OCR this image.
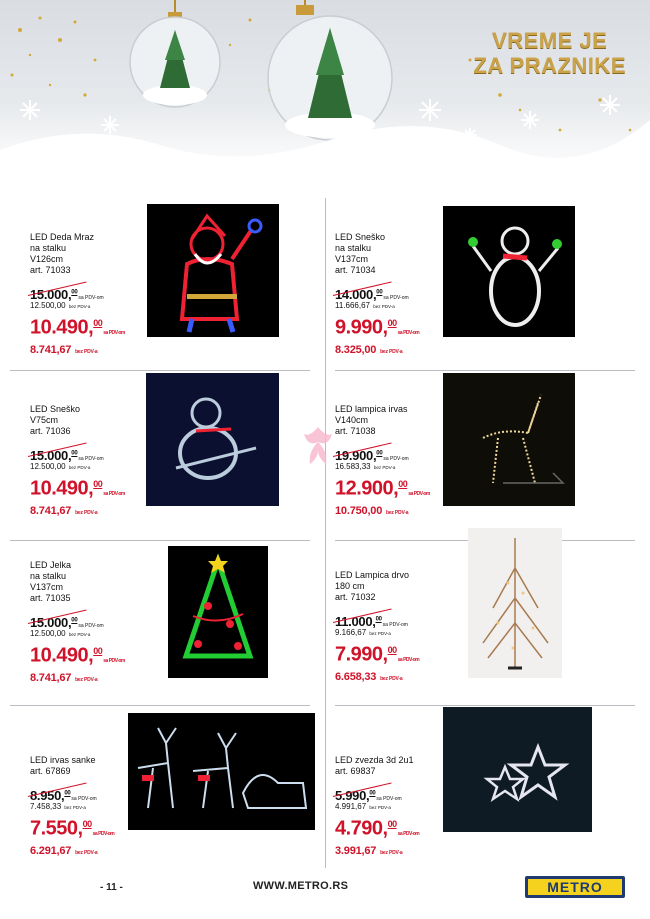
VREME JE
ZA PRAZNIKE
LED Deda Mraz
na stalku
V126cm
art. 71033
15.000,00sa PDV-om
12.500,00 bez PDV-a
10.490,00sa PDV-om
8.741,67 bez PDV-a
LED Sneško
na stalku
V137cm
art. 71034
14.000,00sa PDV-om
11.666,67 bez PDV-a
9.990,00sa PDV-om
8.325,00 bez PDV-a
LED Sneško
V75cm
art. 71036
15.000,00sa PDV-om
12.500,00 bez PDV-a
10.490,00sa PDV-om
8.741,67 bez PDV-a
LED lampica irvas
V140cm
art. 71038
19.900,00sa PDV-om
16.583,33 bez PDV-a
12.900,00sa PDV-om
10.750,00 bez PDV-a
LED Jelka
na stalku
V137cm
art. 71035
15.000,00sa PDV-om
12.500,00 bez PDV-a
10.490,00sa PDV-om
8.741,67 bez PDV-a
LED Lampica drvo
180 cm
art. 71032
11.000,00sa PDV-om
9.166,67 bez PDV-a
7.990,00sa PDV-om
6.658,33 bez PDV-a
LED irvas sanke
art. 67869
8.950,00sa PDV-om
7.458,33 bez PDV-a
7.550,00sa PDV-om
6.291,67 bez PDV-a
LED zvezda 3d 2u1
art. 69837
5.990,00sa PDV-om
4.991,67 bez PDV-a
4.790,00sa PDV-om
3.991,67 bez PDV-a
- 11 -	WWW.METRO.RS	METRO
